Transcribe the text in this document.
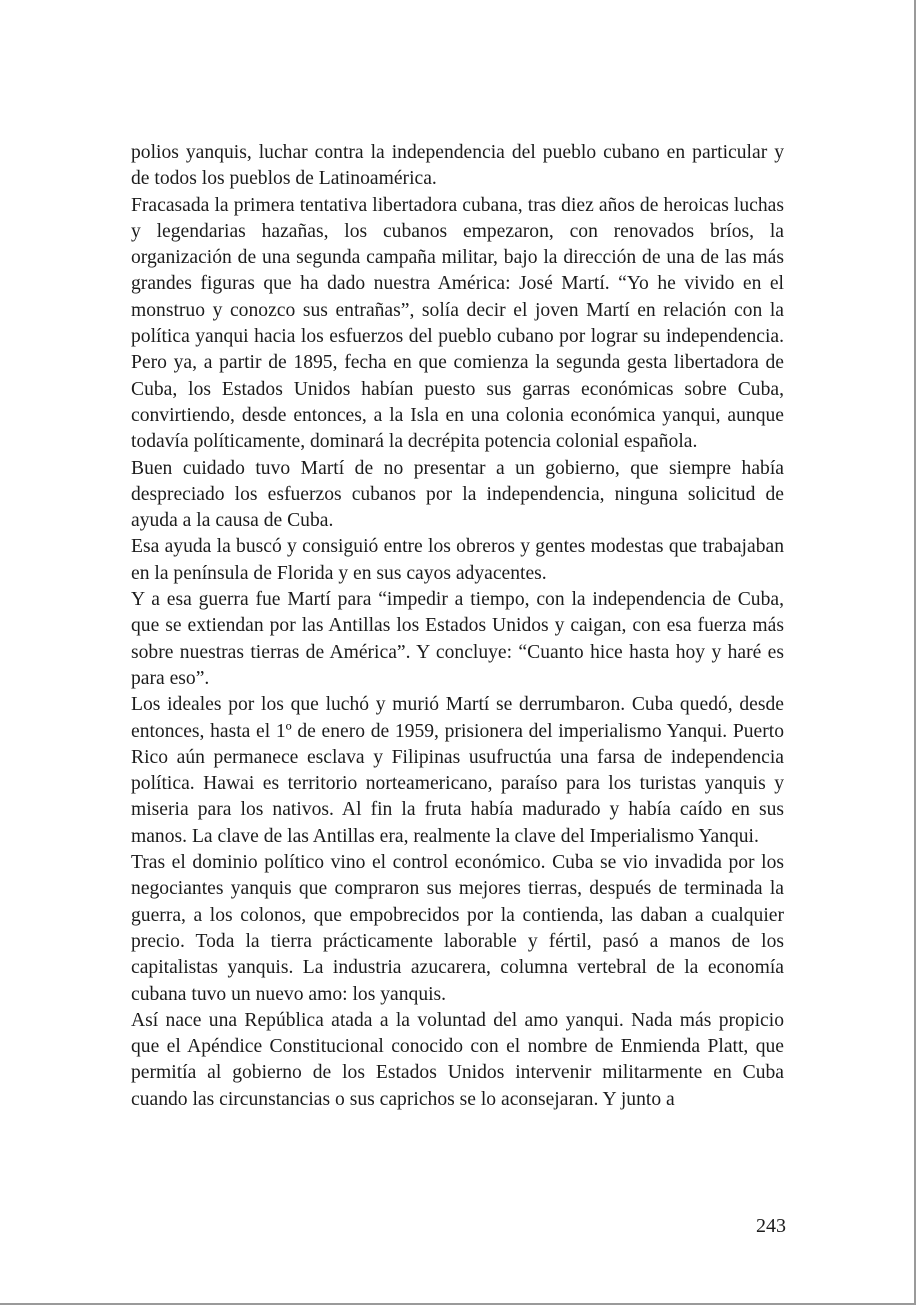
polios yanquis, luchar contra la independencia del pueblo cubano en particular y de todos los pueblos de Latinoamérica.

Fracasada la primera tentativa libertadora cubana, tras diez años de heroicas luchas y legendarias hazañas, los cubanos empezaron, con renovados bríos, la organización de una segunda campaña militar, bajo la dirección de una de las más grandes figuras que ha dado nuestra América: José Martí. “Yo he vivido en el monstruo y conozco sus entrañas”, solía decir el joven Martí en relación con la política yanqui hacia los esfuerzos del pueblo cubano por lograr su independencia. Pero ya, a partir de 1895, fecha en que comienza la segunda gesta libertadora de Cuba, los Estados Unidos habían puesto sus garras económicas sobre Cuba, convirtiendo, desde entonces, a la Isla en una colonia económica yanqui, aunque todavía políticamente, dominará la decrépita potencia colonial española.

Buen cuidado tuvo Martí de no presentar a un gobierno, que siempre había despreciado los esfuerzos cubanos por la independencia, ninguna solicitud de ayuda a la causa de Cuba.

Esa ayuda la buscó y consiguió entre los obreros y gentes modestas que trabajaban en la península de Florida y en sus cayos adyacentes.

Y a esa guerra fue Martí para “impedir a tiempo, con la independencia de Cuba, que se extiendan por las Antillas los Estados Unidos y caigan, con esa fuerza más sobre nuestras tierras de América”. Y concluye: “Cuanto hice hasta hoy y haré es para eso”.

Los ideales por los que luchó y murió Martí se derrumbaron. Cuba quedó, desde entonces, hasta el 1º de enero de 1959, prisionera del imperialismo Yanqui. Puerto Rico aún permanece esclava y Filipinas usufructúa una farsa de independencia política. Hawai es territorio norteamericano, paraíso para los turistas yanquis y miseria para los nativos. Al fin la fruta había madurado y había caído en sus manos. La clave de las Antillas era, realmente la clave del Imperialismo Yanqui.

Tras el dominio político vino el control económico. Cuba se vio invadida por los negociantes yanquis que compraron sus mejores tierras, después de terminada la guerra, a los colonos, que empobrecidos por la contienda, las daban a cualquier precio. Toda la tierra prácticamente laborable y fértil, pasó a manos de los capitalistas yanquis. La industria azucarera, columna vertebral de la economía cubana tuvo un nuevo amo: los yanquis.

Así nace una República atada a la voluntad del amo yanqui. Nada más propicio que el Apéndice Constitucional conocido con el nombre de Enmienda Platt, que permitía al gobierno de los Estados Unidos intervenir militarmente en Cuba cuando las circunstancias o sus caprichos se lo aconsejaran. Y junto a

243
